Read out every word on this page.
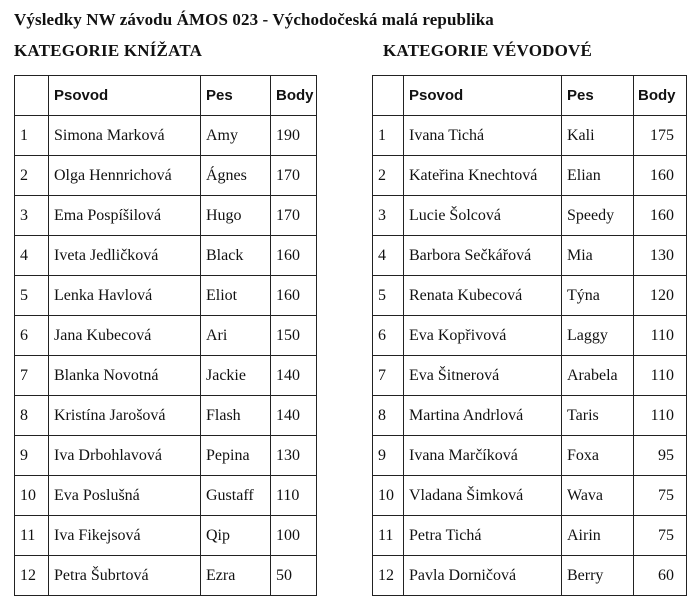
Výsledky NW závodu ÁMOS 023 - Východočeská malá republika
KATEGORIE KNÍŽATA	KATEGORIE VÉVODOVÉ
	Psovod	Pes	Body
1	Simona Marková	Amy	190
2	Olga Hennrichová	Ágnes	170
3	Ema Pospíšilová	Hugo	170
4	Iveta Jedličková	Black	160
5	Lenka Havlová	Eliot	160
6	Jana Kubecová	Ari	150
7	Blanka Novotná	Jackie	140
8	Kristína Jarošová	Flash	140
9	Iva Drbohlavová	Pepina	130
10	Eva Poslušná	Gustaff	110
11	Iva Fikejsová	Qip	100
12	Petra Šubrtová	Ezra	50
	Psovod	Pes	Body
1	Ivana Tichá	Kali	175
2	Kateřina Knechtová	Elian	160
3	Lucie Šolcová	Speedy	160
4	Barbora Sečkářová	Mia	130
5	Renata Kubecová	Týna	120
6	Eva Kopřivová	Laggy	110
7	Eva Šitnerová	Arabela	110
8	Martina Andrlová	Taris	110
9	Ivana Marčíková	Foxa	95
10	Vladana Šimková	Wava	75
11	Petra Tichá	Airin	75
12	Pavla Dorničová	Berry	60
